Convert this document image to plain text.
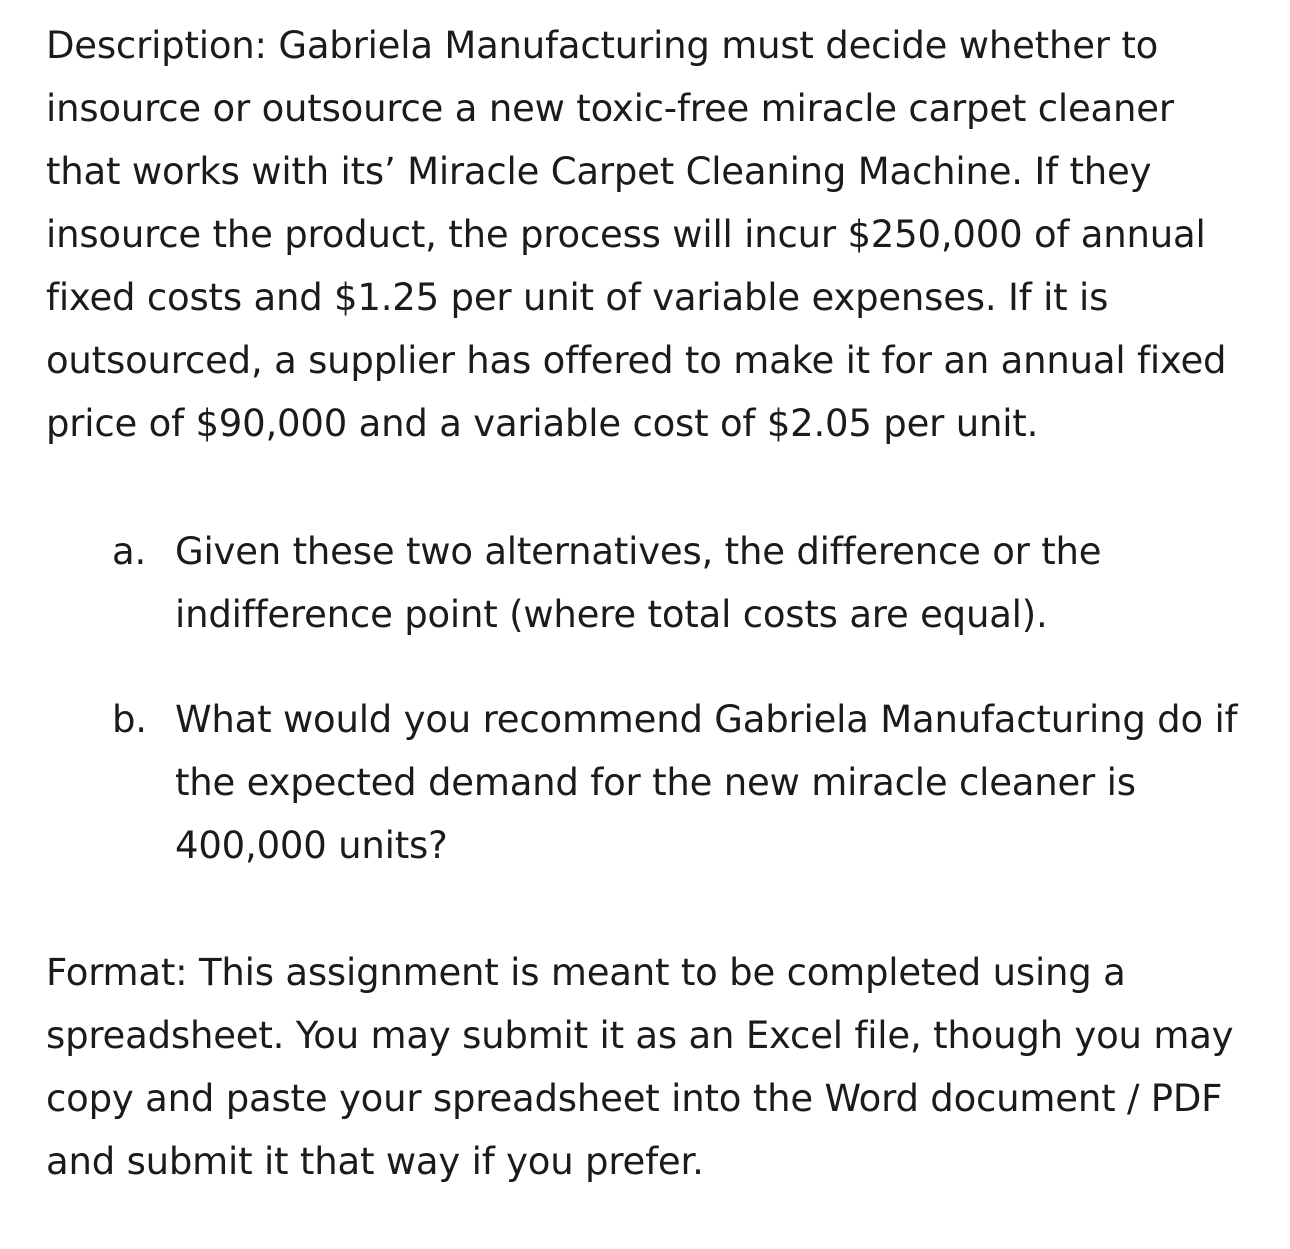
Description: Gabriela Manufacturing must decide whether to insource or outsource a new toxic-free miracle carpet cleaner that works with its’ Miracle Carpet Cleaning Machine. If they insource the product, the process will incur $250,000 of annual fixed costs and $1.25 per unit of variable expenses. If it is outsourced, a supplier has offered to make it for an annual fixed price of $90,000 and a variable cost of $2.05 per unit.

a. Given these two alternatives, the difference or the indifference point (where total costs are equal).
b. What would you recommend Gabriela Manufacturing do if the expected demand for the new miracle cleaner is 400,000 units?

Format: This assignment is meant to be completed using a spreadsheet. You may submit it as an Excel file, though you may copy and paste your spreadsheet into the Word document / PDF and submit it that way if you prefer.
